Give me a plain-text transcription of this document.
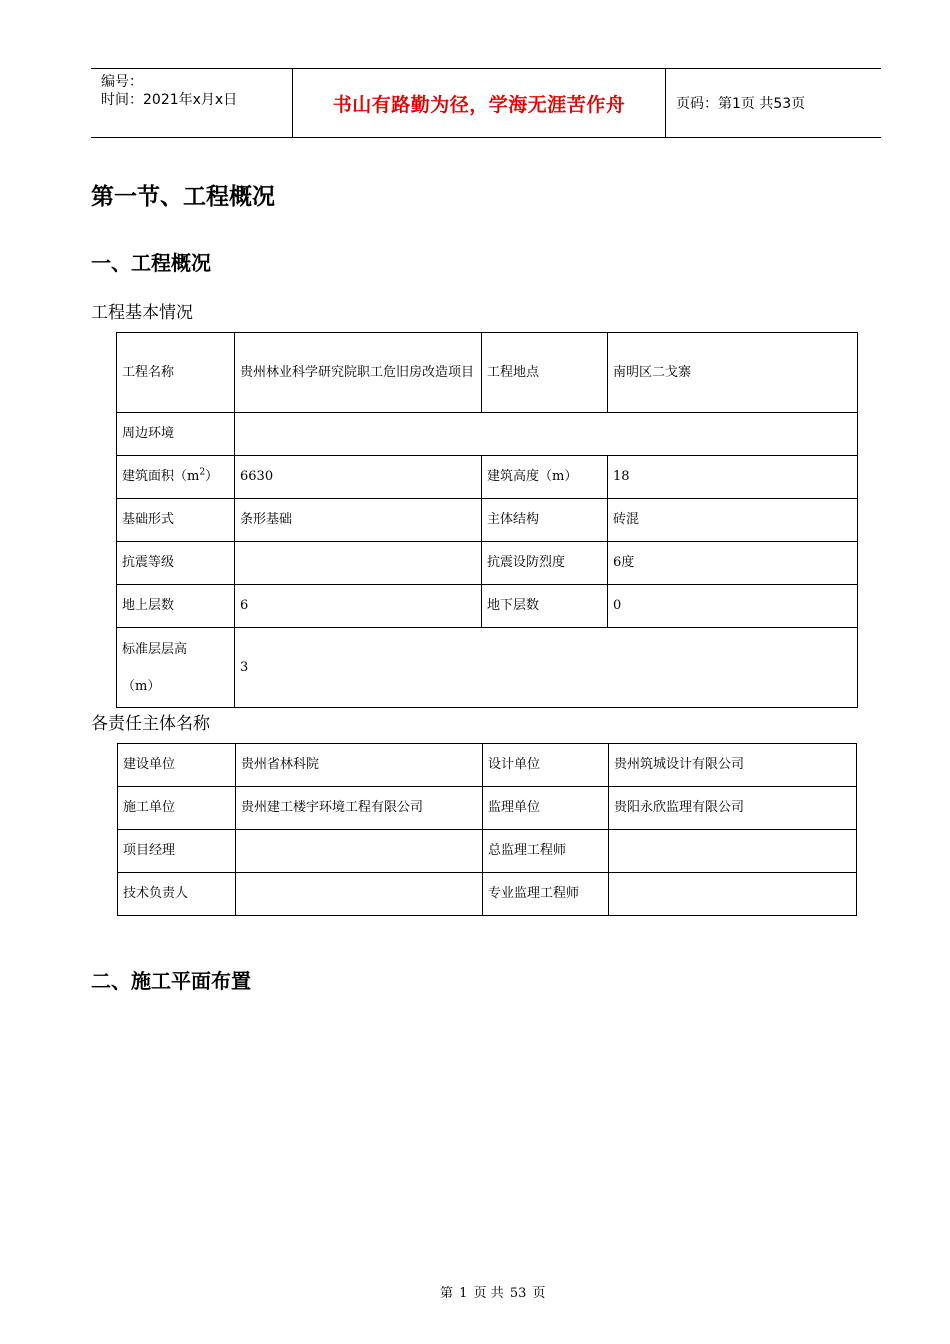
编号：
时间：2021年x月x日	书山有路勤为径，学海无涯苦作舟	页码：第1页 共53页
第一节、工程概况
一、工程概况
工程基本情况
工程名称	贵州林业科学研究院职工危旧房改造项目	工程地点	南明区二戈寨
周边环境			
建筑面积$(m^2)$	6630	建筑高度（m）	18
基础形式	条形基础	主体结构	砖混
抗震等级		抗震设防烈度	6度
地上层数	6	地下层数	0

标准层层高
（m）	3		
各责任主体名称
建设单位	贵州省林科院	设计单位	贵州筑城设计有限公司
施工单位	贵州建工楼宇环境工程有限公司	监理单位	贵阳永欣监理有限公司
项目经理		总监理工程师	
技术负责人		专业监理工程师	
二、施工平面布置
第 1 页 共 53 页
